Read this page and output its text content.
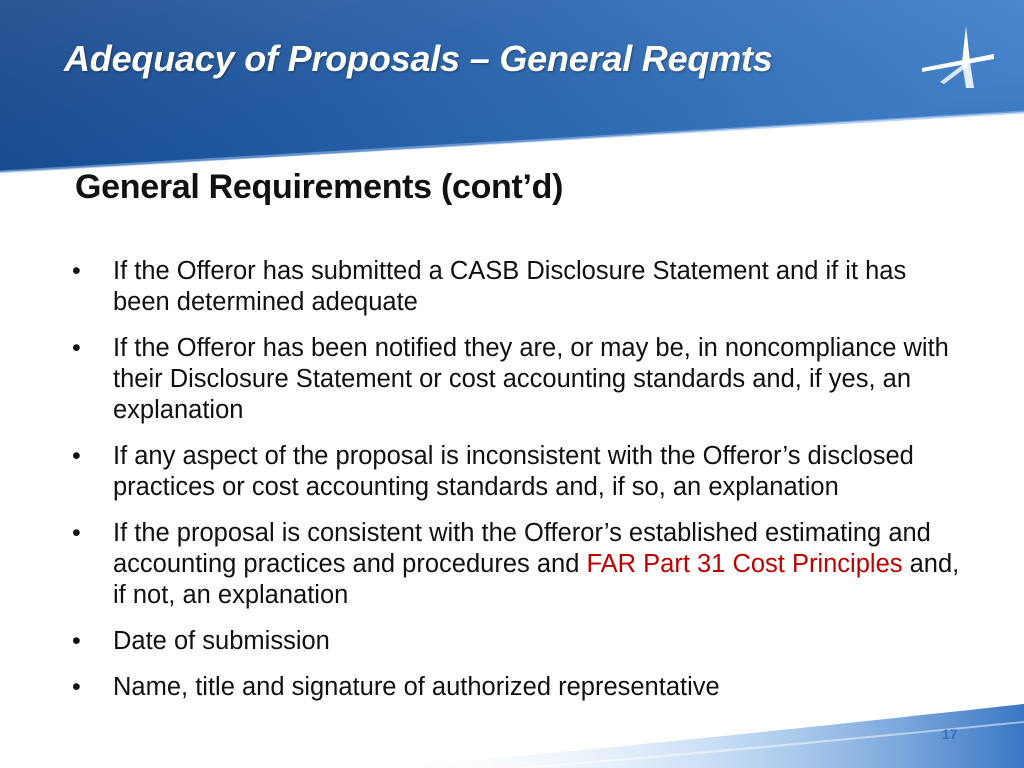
Adequacy of Proposals – General Reqmts
General Requirements (cont’d)
• If the Offeror has submitted a CASB Disclosure Statement and if it has been determined adequate
• If the Offeror has been notified they are, or may be, in noncompliance with their Disclosure Statement or cost accounting standards and, if yes, an explanation
• If any aspect of the proposal is inconsistent with the Offeror’s disclosed practices or cost accounting standards and, if so, an explanation
• If the proposal is consistent with the Offeror’s established estimating and accounting practices and procedures and FAR Part 31 Cost Principles and, if not, an explanation
• Date of submission
• Name, title and signature of authorized representative
17
